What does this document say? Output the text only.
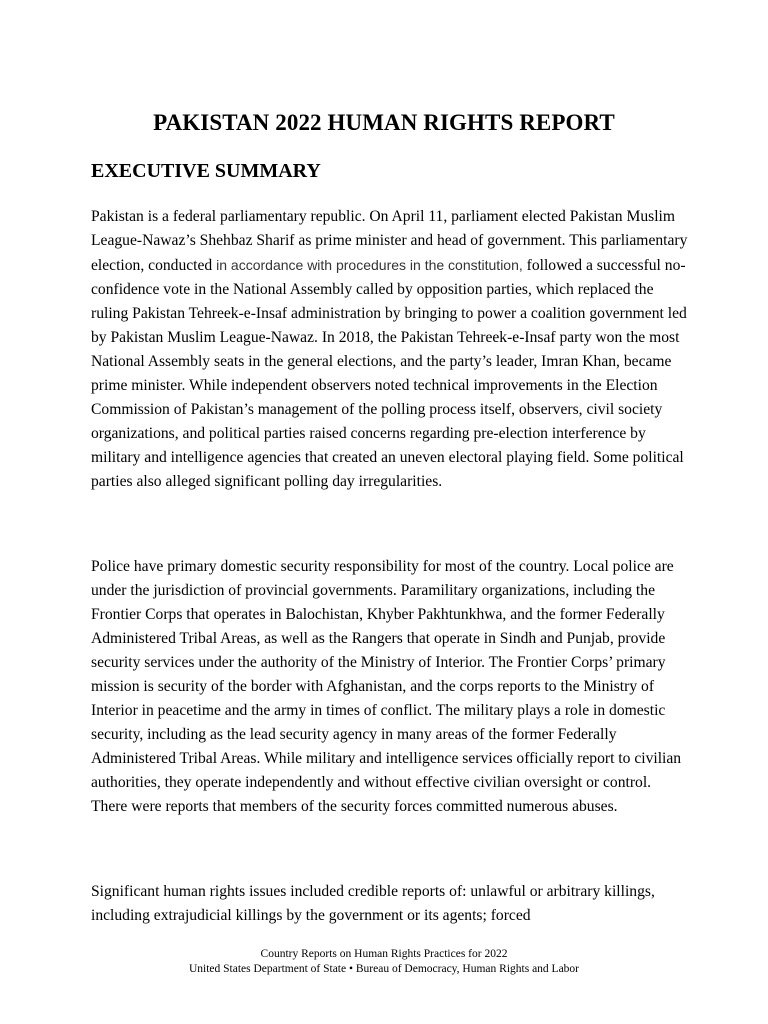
PAKISTAN 2022 HUMAN RIGHTS REPORT
EXECUTIVE SUMMARY

Pakistan is a federal parliamentary republic. On April 11, parliament elected Pakistan Muslim League-Nawaz’s Shehbaz Sharif as prime minister and head of government. This parliamentary election, conducted in accordance with procedures in the constitution, followed a successful no-confidence vote in the National Assembly called by opposition parties, which replaced the ruling Pakistan Tehreek-e-Insaf administration by bringing to power a coalition government led by Pakistan Muslim League-Nawaz. In 2018, the Pakistan Tehreek-e-Insaf party won the most National Assembly seats in the general elections, and the party’s leader, Imran Khan, became prime minister. While independent observers noted technical improvements in the Election Commission of Pakistan’s management of the polling process itself, observers, civil society organizations, and political parties raised concerns regarding pre-election interference by military and intelligence agencies that created an uneven electoral playing field. Some political parties also alleged significant polling day irregularities.

Police have primary domestic security responsibility for most of the country. Local police are under the jurisdiction of provincial governments. Paramilitary organizations, including the Frontier Corps that operates in Balochistan, Khyber Pakhtunkhwa, and the former Federally Administered Tribal Areas, as well as the Rangers that operate in Sindh and Punjab, provide security services under the authority of the Ministry of Interior. The Frontier Corps’ primary mission is security of the border with Afghanistan, and the corps reports to the Ministry of Interior in peacetime and the army in times of conflict. The military plays a role in domestic security, including as the lead security agency in many areas of the former Federally Administered Tribal Areas. While military and intelligence services officially report to civilian authorities, they operate independently and without effective civilian oversight or control. There were reports that members of the security forces committed numerous abuses.

Significant human rights issues included credible reports of: unlawful or arbitrary killings, including extrajudicial killings by the government or its agents; forced

Country Reports on Human Rights Practices for 2022
United States Department of State • Bureau of Democracy, Human Rights and Labor
